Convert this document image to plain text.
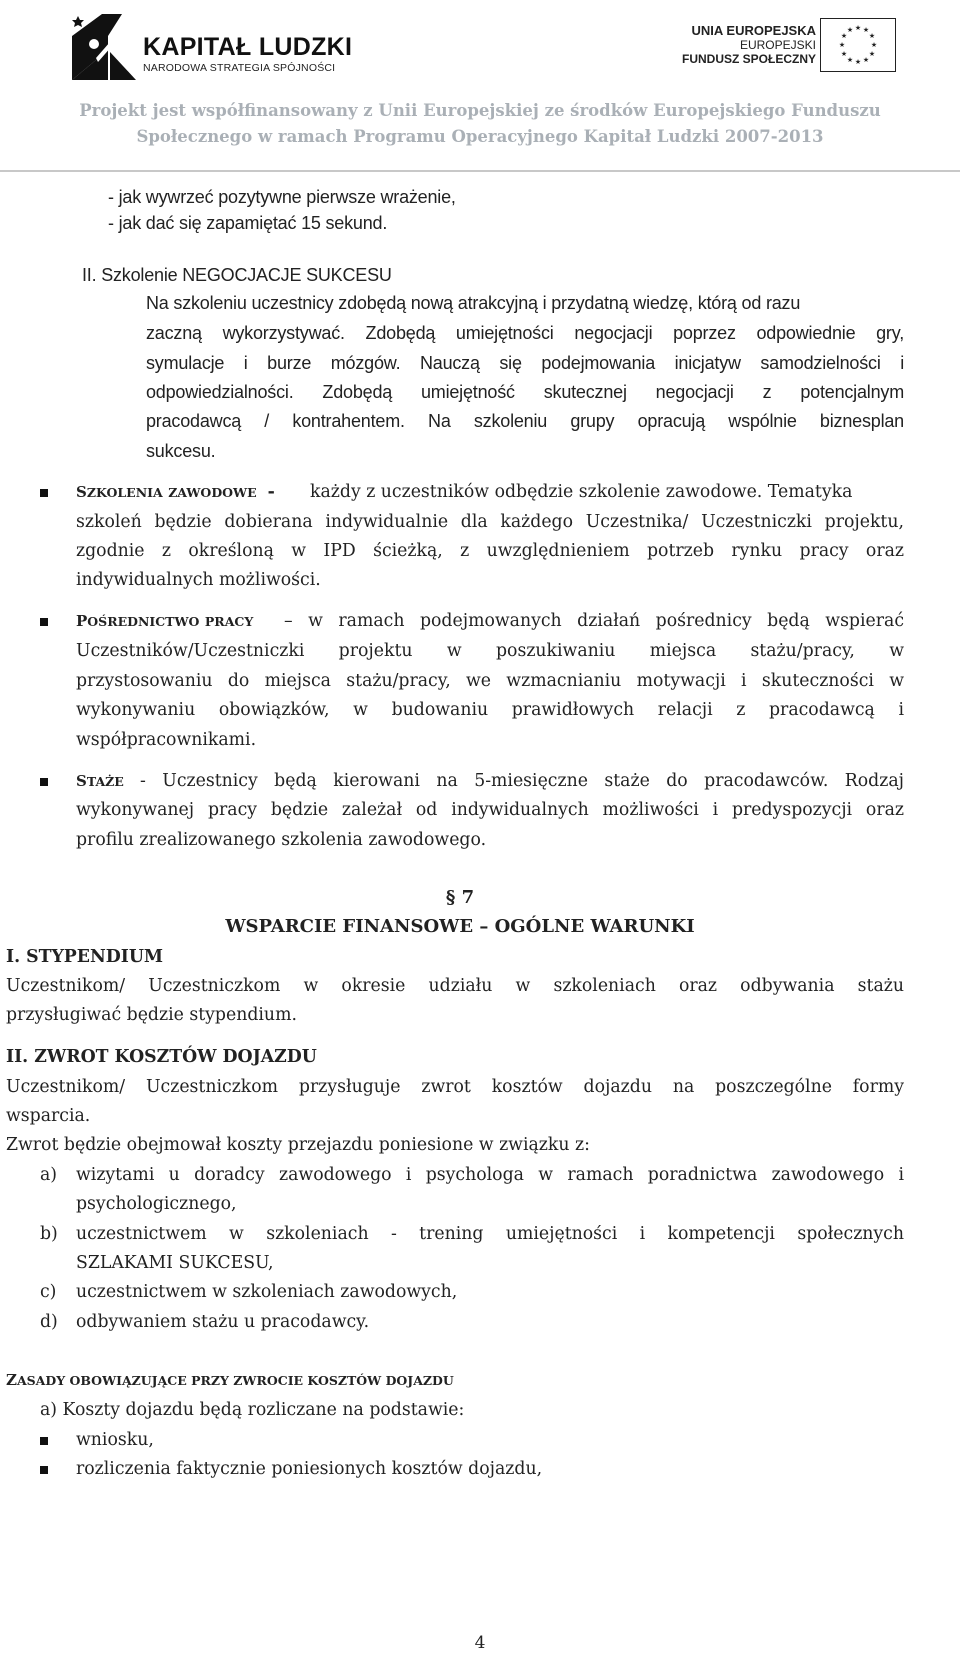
KAPITAŁ LUDZKI
NARODOWA STRATEGIA SPÓJNOŚCI
UNIA EUROPEJSKA
EUROPEJSKI
FUNDUSZ SPOŁECZNY
★ ★
★
★
★
★
★
★
★
★
★
★
Projekt jest współfinansowany z Unii Europejskiej ze środków Europejskiego Funduszu
Społecznego w ramach Programu Operacyjnego Kapitał Ludzki 2007-2013
- jak wywrzeć pozytywne pierwsze wrażenie,
- jak dać się zapamiętać 15 sekund.
II. Szkolenie NEGOCJACJE SUKCESU
Na szkoleniu uczestnicy zdobędą nową atrakcyjną i przydatną wiedzę, którą od razu
zaczną wykorzystywać. Zdobędą umiejętności negocjacji poprzez odpowiednie gry,
symulacje i burze mózgów. Nauczą się podejmowania inicjatyw samodzielności i
odpowiedzialności. Zdobędą umiejętność skutecznej negocjacji z potencjalnym
pracodawcą / kontrahentem. Na szkoleniu grupy opracują wspólnie biznesplan
sukcesu.
SZKOLENIA ZAWODOWE - każdy z uczestników odbędzie szkolenie zawodowe. Tematyka
szkoleń będzie dobierana indywidualnie dla każdego Uczestnika/ Uczestniczki projektu,
zgodnie z określoną w IPD ścieżką, z uwzględnieniem potrzeb rynku pracy oraz
indywidualnych możliwości.
POŚREDNICTWO PRACY – w ramach podejmowanych działań pośrednicy będą wspierać
Uczestników/Uczestniczki projektu w poszukiwaniu miejsca stażu/pracy, w
przystosowaniu do miejsca stażu/pracy, we wzmacnianiu motywacji i skuteczności w
wykonywaniu obowiązków, w budowaniu prawidłowych relacji z pracodawcą i
współpracownikami.
STAŻE - Uczestnicy będą kierowani na 5-miesięczne staże do pracodawców. Rodzaj
wykonywanej pracy będzie zależał od indywidualnych możliwości i predyspozycji oraz
profilu zrealizowanego szkolenia zawodowego.
§ 7
WSPARCIE FINANSOWE – OGÓLNE WARUNKI
I. STYPENDIUM
Uczestnikom/ Uczestniczkom w okresie udziału w szkoleniach oraz odbywania stażu
przysługiwać będzie stypendium.
II. ZWROT KOSZTÓW DOJAZDU
Uczestnikom/ Uczestniczkom przysługuje zwrot kosztów dojazdu na poszczególne formy
wsparcia.
Zwrot będzie obejmował koszty przejazdu poniesione w związku z:
a) wizytami u doradcy zawodowego i psychologa w ramach poradnictwa zawodowego i
psychologicznego,
b) uczestnictwem w szkoleniach - trening umiejętności i kompetencji społecznych
SZLAKAMI SUKCESU,
c) uczestnictwem w szkoleniach zawodowych,
d) odbywaniem stażu u pracodawcy.
ZASADY OBOWIĄZUJĄCE PRZY ZWROCIE KOSZTÓW DOJAZDU
a) Koszty dojazdu będą rozliczane na podstawie:
wniosku,
rozliczenia faktycznie poniesionych kosztów dojazdu,
4
